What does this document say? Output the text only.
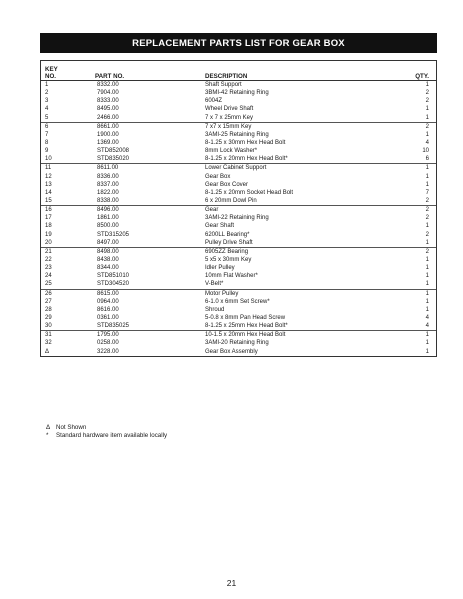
REPLACEMENT PARTS LIST FOR GEAR BOX
KEY
NO.	PART NO.	DESCRIPTION	QTY.
1	8332.00	Shaft Support	1
2	7904.00	3BMI-42 Retaining Ring	2
3	8333.00	6004Z	2
4	8495.00	Wheel Drive Shaft	1
5	2466.00	7 x 7 x 25mm Key	1
6	8661.00	7 x7 x 15mm Key	2
7	1900.00	3AMI-25 Retaining Ring	1
8	1369.00	8-1.25 x 30mm Hex Head Bolt	4
9	STD852008	8mm Lock Washer*	10
10	STD835020	8-1.25 x 20mm Hex Head Bolt*	6
11	8611.00	Lower Cabinet Support	1
12	8336.00	Gear Box	1
13	8337.00	Gear Box Cover	1
14	1822.00	8-1.25 x 20mm Socket Head Bolt	7
15	8338.00	6 x 20mm Dowl Pin	2
16	8496.00	Gear	2
17	1861.00	3AMI-22 Retaining Ring	2
18	8500.00	Gear Shaft	1
19	STD315205	6200LL Bearing*	2
20	8497.00	Pulley Drive Shaft	1
21	8498.00	6905ZZ Bearing	2
22	8438.00	5 x5 x 30mm Key	1
23	8344.00	Idler Pulley	1
24	STD851010	10mm Flat Washer*	1
25	STD304520	V-Belt*	1
26	8615.00	Motor Pulley	1
27	0964.00	6-1.0 x 6mm Set Screw*	1
28	8616.00	Shroud	1
29	0361.00	5-0.8 x 8mm Pan Head Screw	4
30	STD835025	8-1.25 x 25mm Hex Head Bolt*	4
31	1795.00	10-1.5 x 20mm Hex Head Bolt	1
32	0258.00	3AMI-20 Retaining Ring	1
Δ	3228.00	Gear Box Assembly	1
Δ Not Shown
*	Standard hardware item available locally
21
